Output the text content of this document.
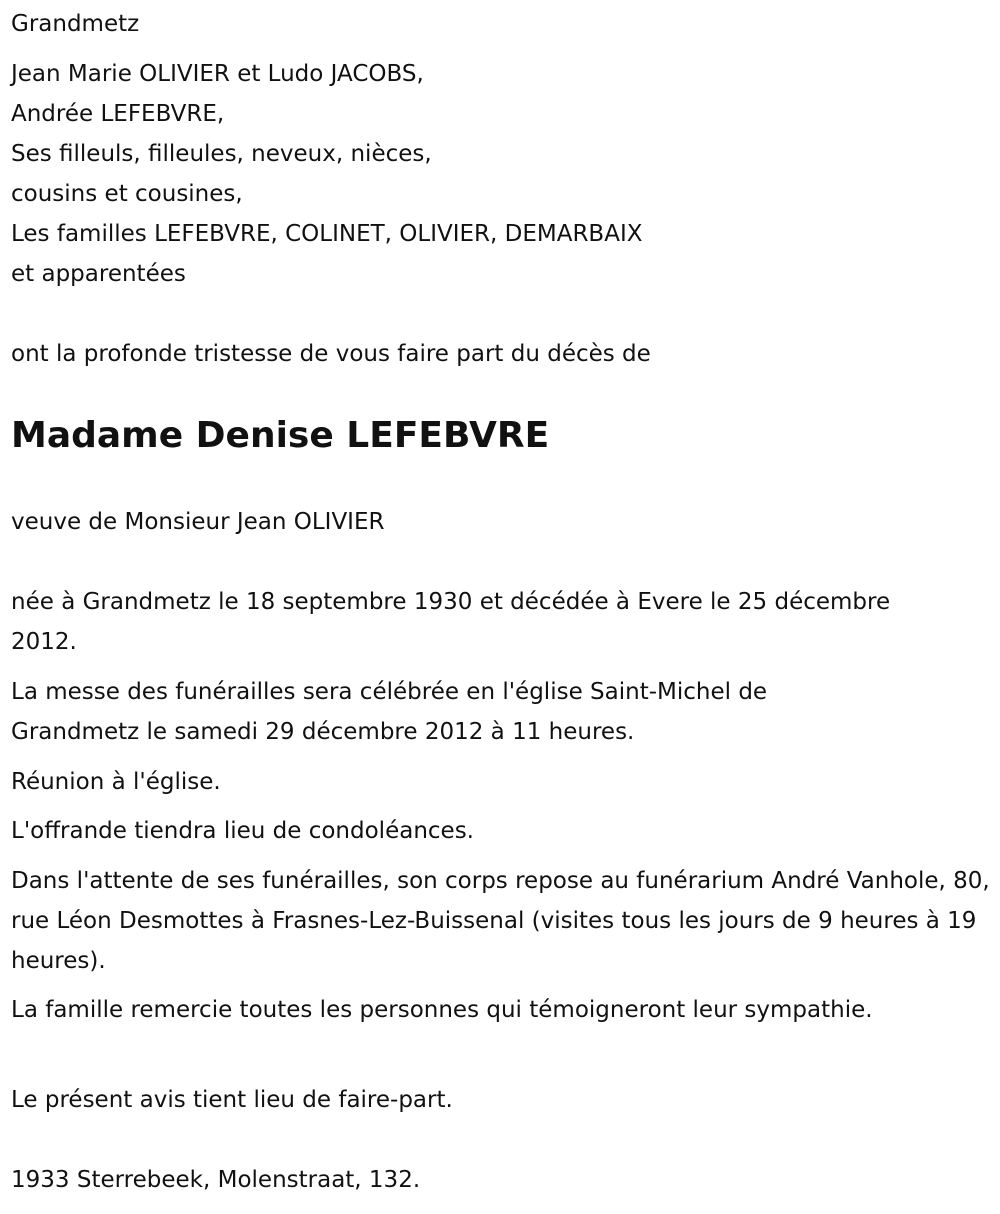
Grandmetz
Jean Marie OLIVIER et Ludo JACOBS,
Andrée LEFEBVRE,
Ses filleuls, filleules, neveux, nièces,
cousins et cousines,
Les familles LEFEBVRE, COLINET, OLIVIER, DEMARBAIX
et apparentées
ont la profonde tristesse de vous faire part du décès de
Madame Denise LEFEBVRE
veuve de Monsieur Jean OLIVIER
née à Grandmetz le 18 septembre 1930 et décédée à Evere le 25 décembre 2012.
La messe des funérailles sera célébrée en l'église Saint-Michel de Grandmetz le samedi 29 décembre 2012 à 11 heures.
Réunion à l'église.
L'offrande tiendra lieu de condoléances.
Dans l'attente de ses funérailles, son corps repose au funérarium André Vanhole, 80, rue Léon Desmottes à Frasnes-Lez-Buissenal (visites tous les jours de 9 heures à 19 heures).
La famille remercie toutes les personnes qui témoigneront leur sympathie.
Le présent avis tient lieu de faire-part.
1933 Sterrebeek, Molenstraat, 132.
